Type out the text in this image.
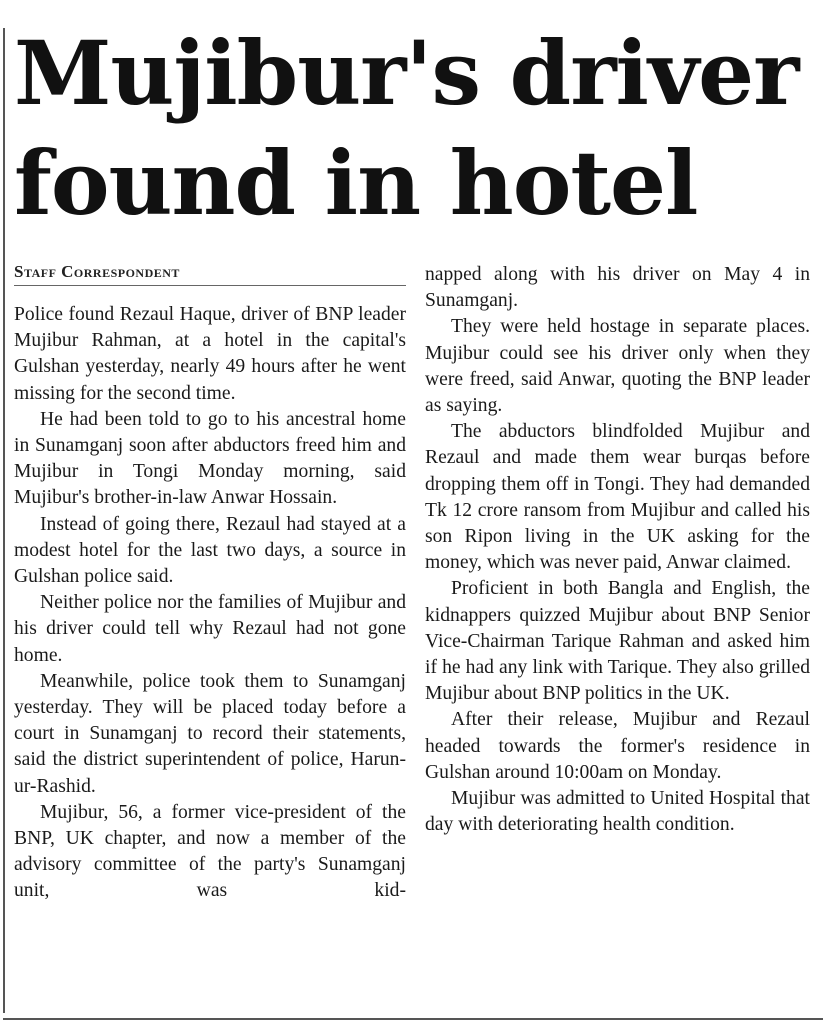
Mujibur's driver
found in hotel
Staff Correspondent

Police found Rezaul Haque, driver of BNP leader Mujibur Rahman, at a hotel in the capital's Gulshan yesterday, nearly 49 hours after he went missing for the second time.

He had been told to go to his ancestral home in Sunamganj soon after abductors freed him and Mujibur in Tongi Monday morning, said Mujibur's brother-in-law Anwar Hossain.

Instead of going there, Rezaul had stayed at a modest hotel for the last two days, a source in Gulshan police said.

Neither police nor the families of Mujibur and his driver could tell why Rezaul had not gone home.

Meanwhile, police took them to Sunamganj yesterday. They will be placed today before a court in Sunamganj to record their statements, said the district superintendent of police, Harun-ur-Rashid.

Mujibur, 56, a former vice-president of the BNP, UK chapter, and now a member of the advisory committee of the party's Sunamganj unit, was kid-

napped along with his driver on May 4 in Sunamganj.

They were held hostage in separate places. Mujibur could see his driver only when they were freed, said Anwar, quoting the BNP leader as saying.

The abductors blindfolded Mujibur and Rezaul and made them wear burqas before dropping them off in Tongi. They had demanded Tk 12 crore ransom from Mujibur and called his son Ripon living in the UK asking for the money, which was never paid, Anwar claimed.

Proficient in both Bangla and English, the kidnappers quizzed Mujibur about BNP Senior Vice-Chairman Tarique Rahman and asked him if he had any link with Tarique. They also grilled Mujibur about BNP politics in the UK.

After their release, Mujibur and Rezaul headed towards the former's residence in Gulshan around 10:00am on Monday.

Mujibur was admitted to United Hospital that day with deteriorating health condition.
